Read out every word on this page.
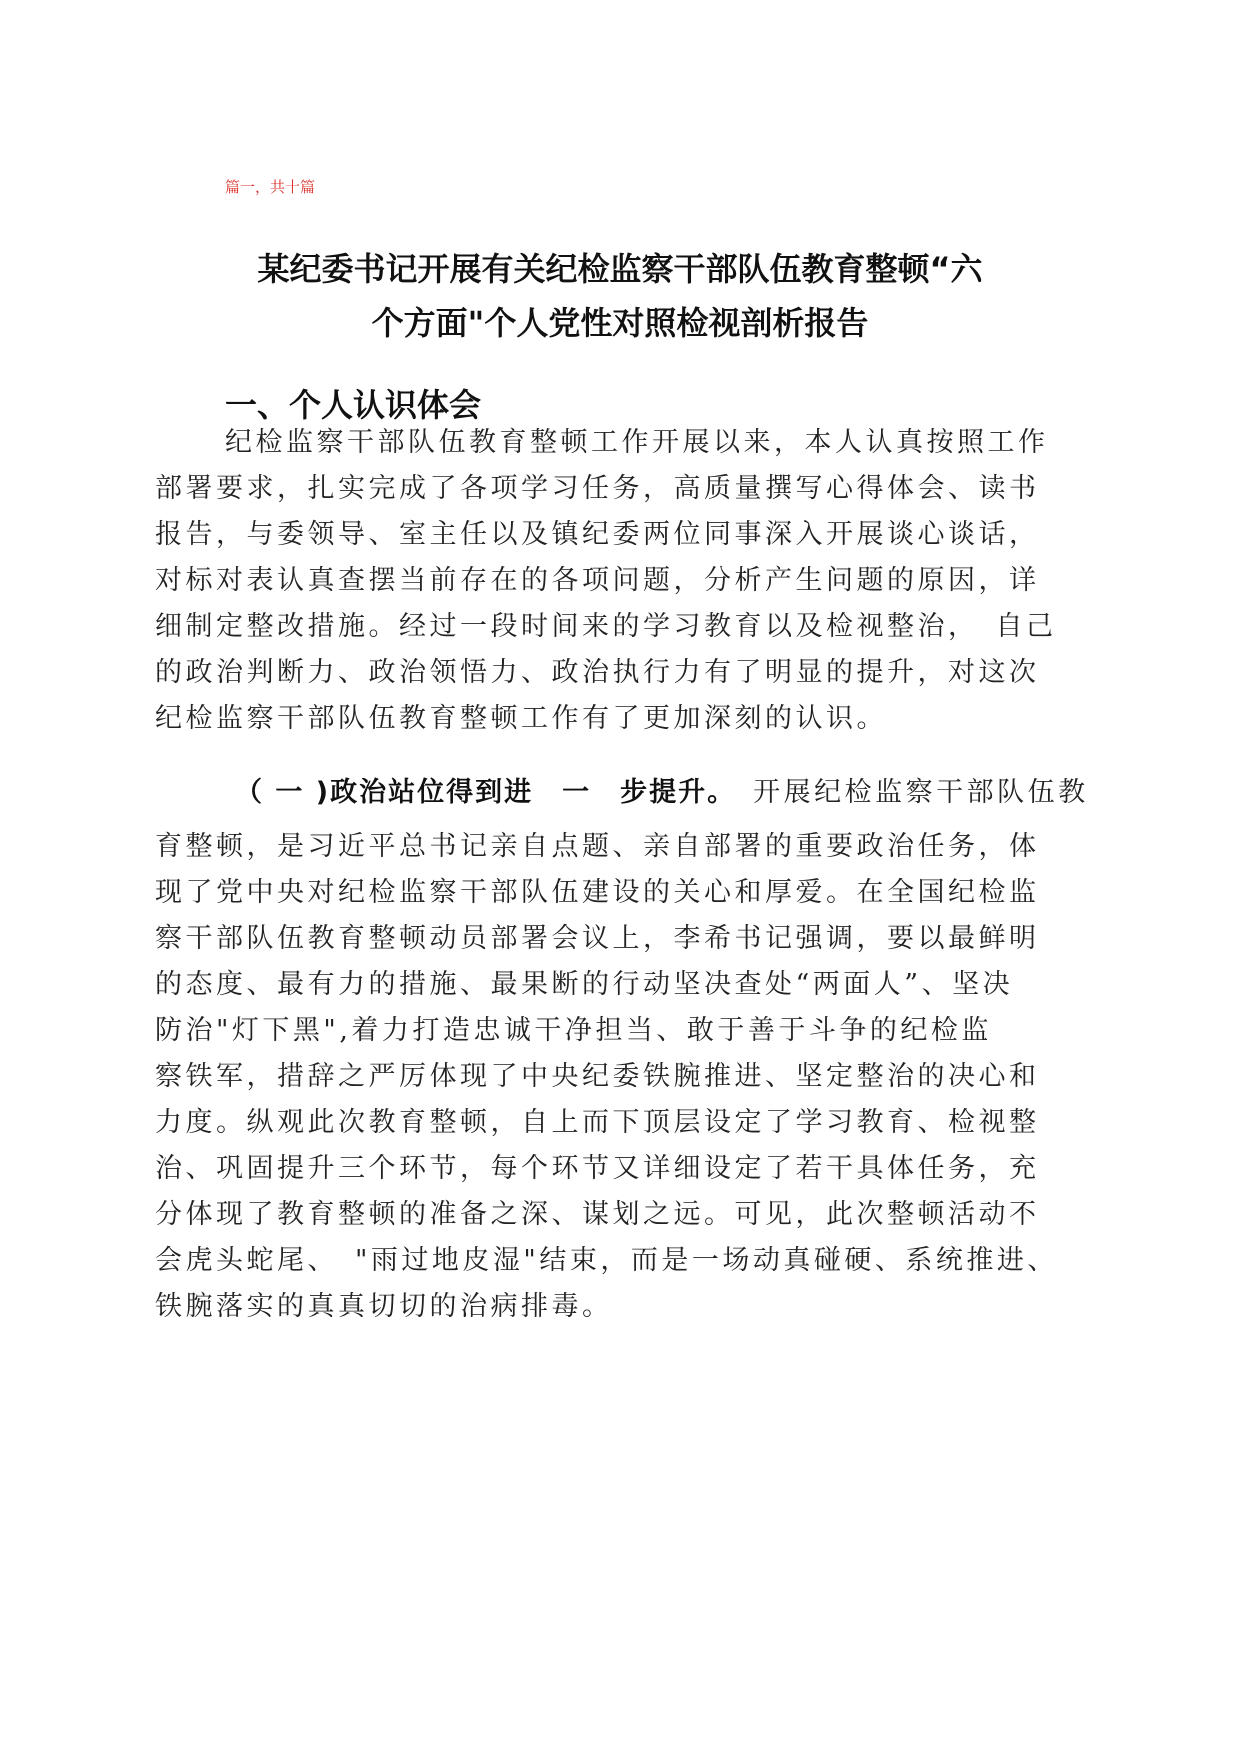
篇一，共十篇
某纪委书记开展有关纪检监察干部队伍教育整顿“六
个方面"个人党性对照检视剖析报告
一、个人认识体会
纪检监察干部队伍教育整顿工作开展以来，本人认真按照工作
部署要求，扎实完成了各项学习任务，高质量撰写心得体会、读书
报告，与委领导、室主任以及镇纪委两位同事深入开展谈心谈话，
对标对表认真查摆当前存在的各项问题，分析产生问题的原因，详
细制定整改措施。经过一段时间来的学习教育以及检视整治，　自己
的政治判断力、政治领悟力、政治执行力有了明显的提升，对这次
纪检监察干部队伍教育整顿工作有了更加深刻的认识。
（ 一 )政治站位得到进　一　步提升。　开展纪检监察干部队伍教
育整顿，是习近平总书记亲自点题、亲自部署的重要政治任务，体
现了党中央对纪检监察干部队伍建设的关心和厚爱。在全国纪检监
察干部队伍教育整顿动员部署会议上，李希书记强调，要以最鲜明
的态度、最有力的措施、最果断的行动坚决查处“两面人”、坚决
防治"灯下黑",着力打造忠诚干净担当、敢于善于斗争的纪检监
察铁军，措辞之严厉体现了中央纪委铁腕推进、坚定整治的决心和
力度。纵观此次教育整顿，自上而下顶层设定了学习教育、检视整
治、巩固提升三个环节，每个环节又详细设定了若干具体任务，充
分体现了教育整顿的准备之深、谋划之远。可见，此次整顿活动不
会虎头蛇尾、　"雨过地皮湿"结束，而是一场动真碰硬、系统推进、
铁腕落实的真真切切的治病排毒。
